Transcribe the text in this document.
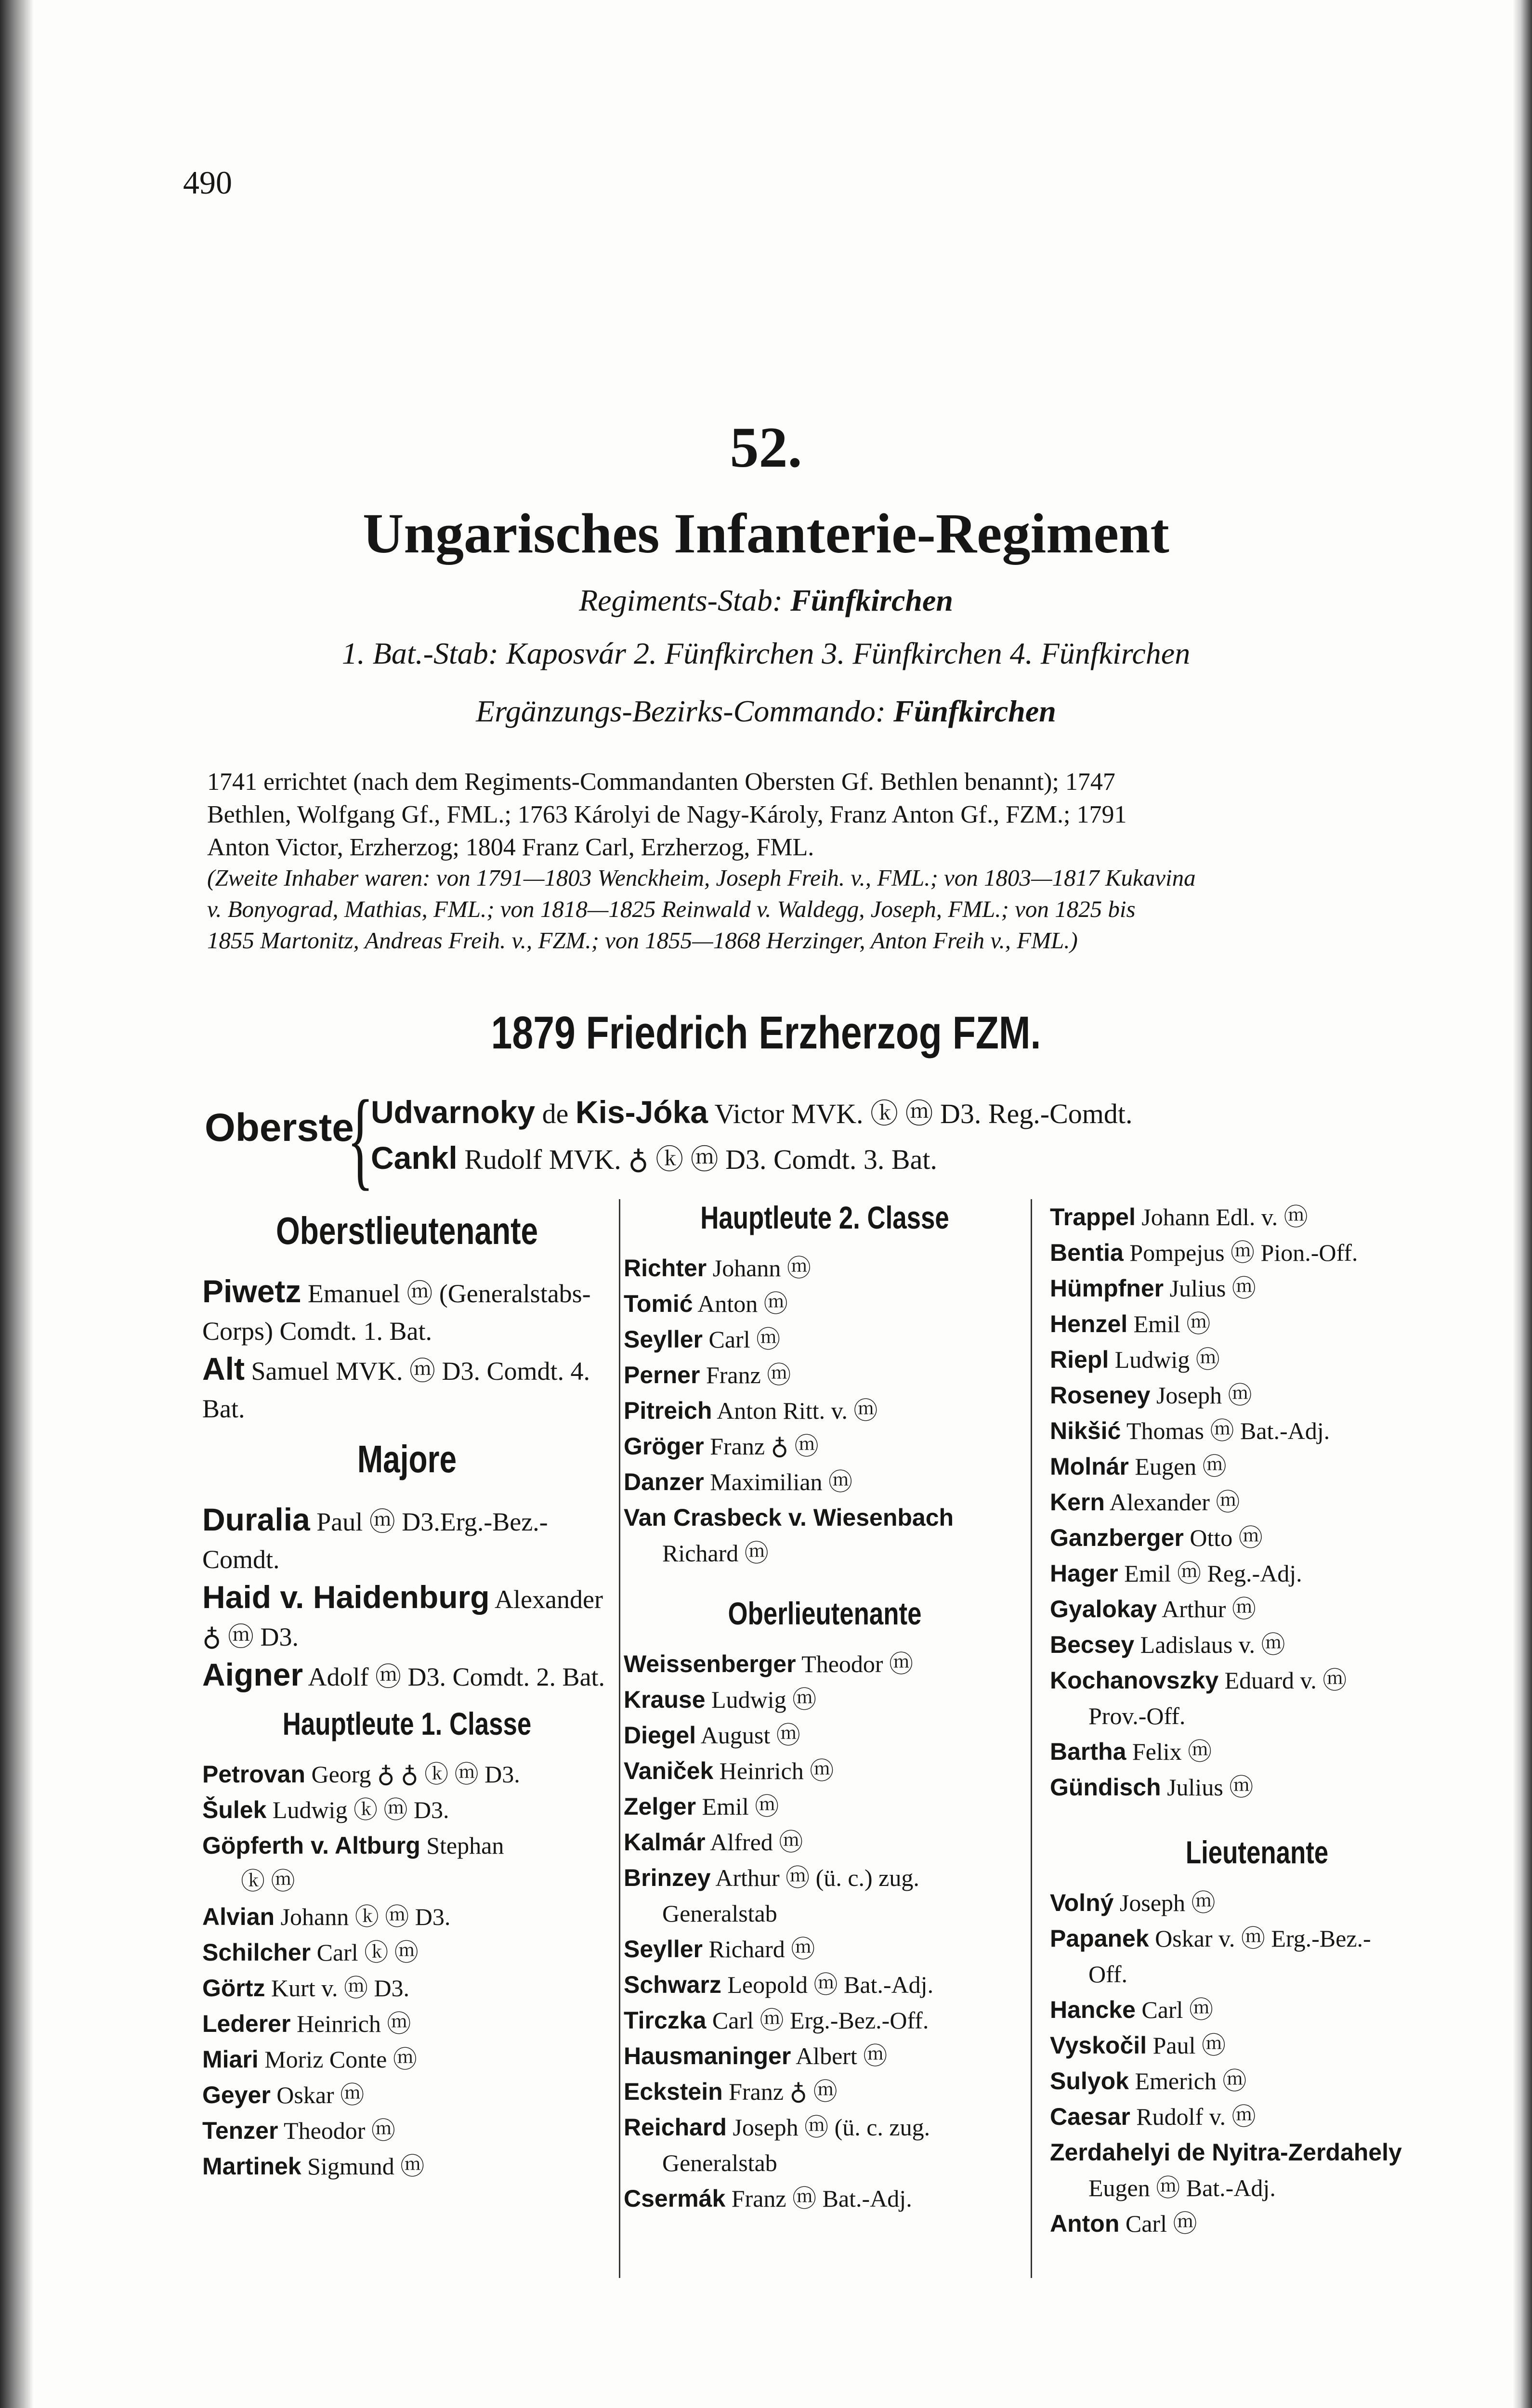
490
52.
Ungarisches Infanterie-Regiment
Regiments-Stab: Fünfkirchen
1. Bat.-Stab: Kaposvár 2. Fünfkirchen 3. Fünfkirchen 4. Fünfkirchen
Ergänzungs-Bezirks-Commando: Fünfkirchen

1741 errichtet (nach dem Regiments-Commandanten Obersten Gf. Bethlen benannt); 1747

Bethlen, Wolfgang Gf., FML.; 1763 Károlyi de Nagy-Károly, Franz Anton Gf., FZM.; 1791

Anton Victor, Erzherzog; 1804 Franz Carl, Erzherzog, FML.

(Zweite Inhaber waren: von 1791—1803 Wenckheim, Joseph Freih. v., FML.; von 1803—1817 Kukavina

v. Bonyograd, Mathias, FML.; von 1818—1825 Reinwald v. Waldegg, Joseph, FML.; von 1825 bis

1855 Martonitz, Andreas Freih. v., FZM.; von 1855—1868 Herzinger, Anton Freih v., FML.)

1879 Friedrich Erzherzog FZM.
Oberste
{
Udvarnoky de Kis-Jóka Victor MVK. ⓚ ⓜ D3. Reg.-Comdt.
Cankl Rudolf MVK. ♁ ⓚ ⓜ D3. Comdt. 3. Bat.
Oberstlieutenante
Piwetz Emanuel ⓜ (Generalstabs-Corps) Comdt. 1. Bat.
Alt Samuel MVK. ⓜ D3. Comdt. 4. Bat.
Majore
Duralia Paul ⓜ D3.Erg.-Bez.-Comdt.
Haid v. Haidenburg Alexander ♁ ⓜ D3.
Aigner Adolf ⓜ D3. Comdt. 2. Bat.
Hauptleute 1. Classe
Petrovan Georg ♁ ♁ ⓚ ⓜ D3.
Šulek Ludwig ⓚ ⓜ D3.
Göpferth v. Altburg Stephan
ⓚ ⓜ
Alvian Johann ⓚ ⓜ D3.
Schilcher Carl ⓚ ⓜ
Görtz Kurt v. ⓜ D3.
Lederer Heinrich ⓜ
Miari Moriz Conte ⓜ
Geyer Oskar ⓜ
Tenzer Theodor ⓜ
Martinek Sigmund ⓜ
Hauptleute 2. Classe
Richter Johann ⓜ
Tomić Anton ⓜ
Seyller Carl ⓜ
Perner Franz ⓜ
Pitreich Anton Ritt. v. ⓜ
Gröger Franz ♁ ⓜ
Danzer Maximilian ⓜ
Van Crasbeck v. Wiesenbach
Richard ⓜ
Oberlieutenante
Weissenberger Theodor ⓜ
Krause Ludwig ⓜ
Diegel August ⓜ
Vaniček Heinrich ⓜ
Zelger Emil ⓜ
Kalmár Alfred ⓜ
Brinzey Arthur ⓜ (ü. c.) zug.
Generalstab
Seyller Richard ⓜ
Schwarz Leopold ⓜ Bat.-Adj.
Tirczka Carl ⓜ Erg.-Bez.-Off.
Hausmaninger Albert ⓜ
Eckstein Franz ♁ ⓜ
Reichard Joseph ⓜ (ü. c. zug.
Generalstab
Csermák Franz ⓜ Bat.-Adj.
Trappel Johann Edl. v. ⓜ
Bentia Pompejus ⓜ Pion.-Off.
Hümpfner Julius ⓜ
Henzel Emil ⓜ
Riepl Ludwig ⓜ
Roseney Joseph ⓜ
Nikšić Thomas ⓜ Bat.-Adj.
Molnár Eugen ⓜ
Kern Alexander ⓜ
Ganzberger Otto ⓜ
Hager Emil ⓜ Reg.-Adj.
Gyalokay Arthur ⓜ
Becsey Ladislaus v. ⓜ
Kochanovszky Eduard v. ⓜ
Prov.-Off.
Bartha Felix ⓜ
Gündisch Julius ⓜ
Lieutenante
Volný Joseph ⓜ
Papanek Oskar v. ⓜ Erg.-Bez.-
Off.
Hancke Carl ⓜ
Vyskočil Paul ⓜ
Sulyok Emerich ⓜ
Caesar Rudolf v. ⓜ
Zerdahelyi de Nyitra-Zerdahely
Eugen ⓜ Bat.-Adj.
Anton Carl ⓜ
